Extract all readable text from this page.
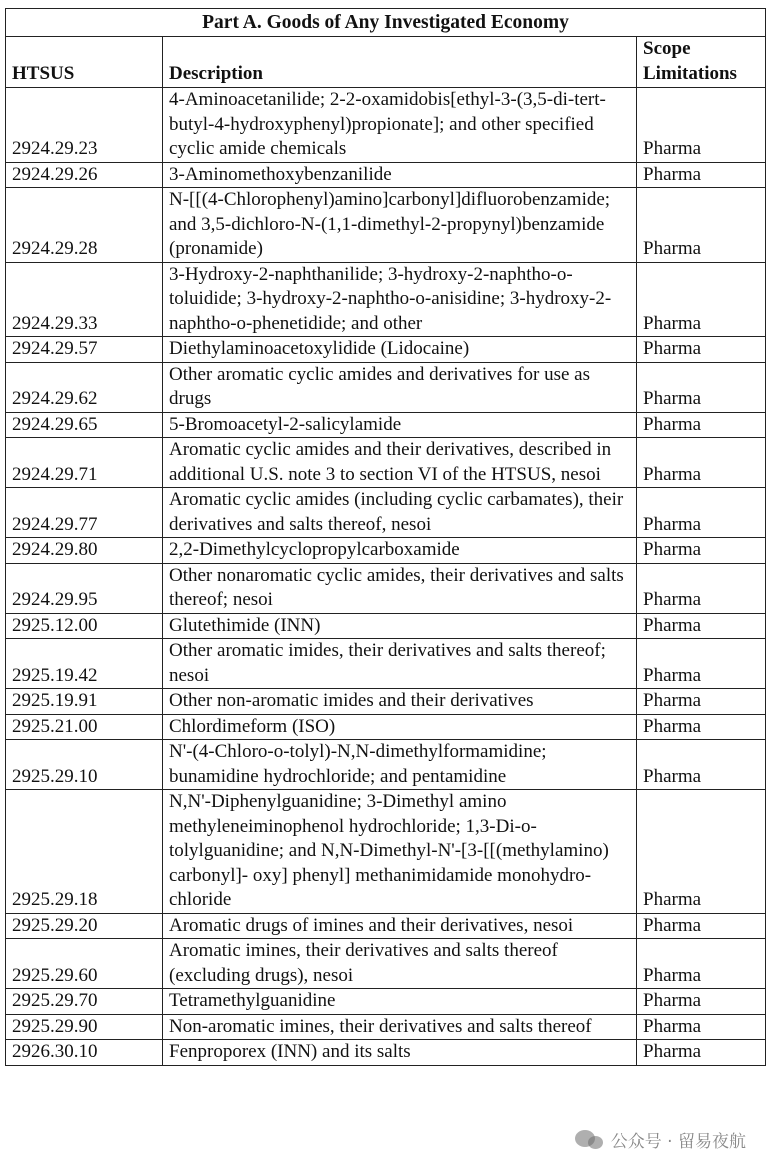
Part A. Goods of Any Investigated Economy		
HTSUS	Description	Scope Limitations
2924.29.23	4-Aminoacetanilide; 2-2-oxamidobis[ethyl-3-(3,5-di-tert-butyl-4-hydroxyphenyl)propionate]; and other specified cyclic amide chemicals	Pharma
2924.29.26	3-Aminomethoxybenzanilide	Pharma
2924.29.28	N-[[(4-Chlorophenyl)amino]carbonyl]difluorobenzamide; and 3,5-dichloro-N-(1,1-dimethyl-2-propynyl)benzamide (pronamide)	Pharma
2924.29.33	3-Hydroxy-2-naphthanilide; 3-hydroxy-2-naphtho-o-toluidide; 3-hydroxy-2-naphtho-o-anisidine; 3-hydroxy-2-naphtho-o-phenetidide; and other	Pharma
2924.29.57	Diethylaminoacetoxylidide (Lidocaine)	Pharma
2924.29.62	Other aromatic cyclic amides and derivatives for use as drugs	Pharma
2924.29.65	5-Bromoacetyl-2-salicylamide	Pharma
2924.29.71	Aromatic cyclic amides and their derivatives, described in additional U.S. note 3 to section VI of the HTSUS, nesoi	Pharma
2924.29.77	Aromatic cyclic amides (including cyclic carbamates), their derivatives and salts thereof, nesoi	Pharma
2924.29.80	2,2-Dimethylcyclopropylcarboxamide	Pharma
2924.29.95	Other nonaromatic cyclic amides, their derivatives and salts thereof; nesoi	Pharma
2925.12.00	Glutethimide (INN)	Pharma
2925.19.42	Other aromatic imides, their derivatives and salts thereof; nesoi	Pharma
2925.19.91	Other non-aromatic imides and their derivatives	Pharma
2925.21.00	Chlordimeform (ISO)	Pharma
2925.29.10	N'-(4-Chloro-o-tolyl)-N,N-dimethylformamidine; bunamidine hydrochloride; and pentamidine	Pharma
2925.29.18	N,N'-Diphenylguanidine; 3-Dimethyl amino methyleneiminophenol hydrochloride; 1,3-Di-o-tolylguanidine; and N,N-Dimethyl-N'-[3-[[(methylamino) carbonyl]- oxy] phenyl] methanimidamide monohydro- chloride	Pharma
2925.29.20	Aromatic drugs of imines and their derivatives, nesoi	Pharma
2925.29.60	Aromatic imines, their derivatives and salts thereof (excluding drugs), nesoi	Pharma
2925.29.70	Tetramethylguanidine	Pharma
2925.29.90	Non-aromatic imines, their derivatives and salts thereof	Pharma
2926.30.10	Fenproporex (INN) and its salts	Pharma
公众号 · 留易夜航
